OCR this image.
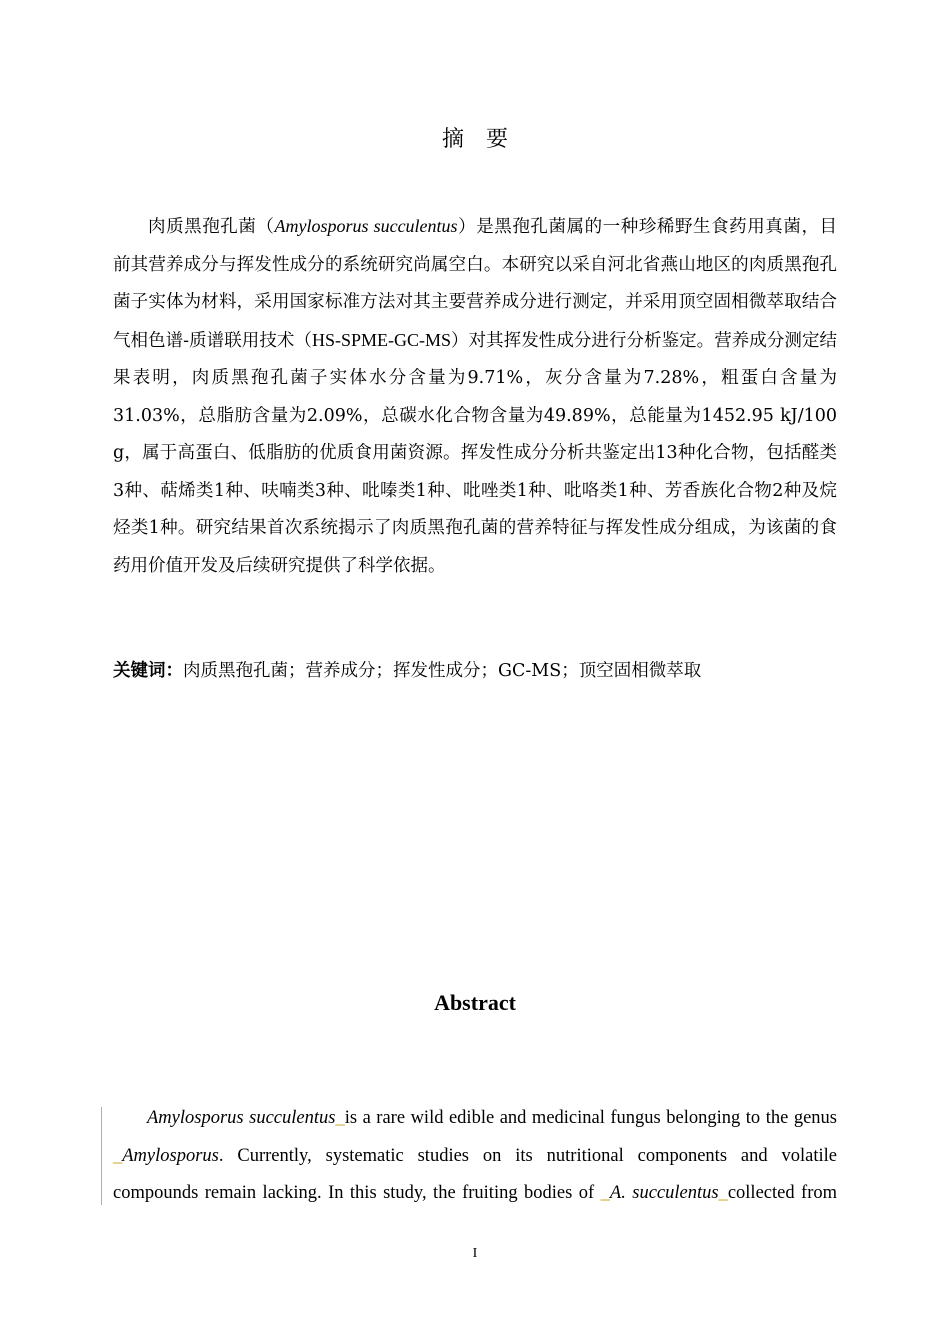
摘 要

肉质黑孢孔菌（Amylosporus succulentus）是黑孢孔菌属的一种珍稀野生食药用真菌，目前其营养成分与挥发性成分的系统研究尚属空白。本研究以采自河北省燕山地区的肉质黑孢孔菌子实体为材料，采用国家标准方法对其主要营养成分进行测定，并采用顶空固相微萃取结合气相色谱-质谱联用技术（HS-SPME-GC-MS）对其挥发性成分进行分析鉴定。营养成分测定结果表明，肉质黑孢孔菌子实体水分含量为9.71%，灰分含量为7.28%，粗蛋白含量为31.03%，总脂肪含量为2.09%，总碳水化合物含量为49.89%，总能量为1452.95 kJ/100 g，属于高蛋白、低脂肪的优质食用菌资源。挥发性成分分析共鉴定出13种化合物，包括醛类3种、萜烯类1种、呋喃类3种、吡嗪类1种、吡唑类1种、吡咯类1种、芳香族化合物2种及烷烃类1种。研究结果首次系统揭示了肉质黑孢孔菌的营养特征与挥发性成分组成，为该菌的食药用价值开发及后续研究提供了科学依据。

关键词：肉质黑孢孔菌；营养成分；挥发性成分；GC-MS；顶空固相微萃取
Abstract

Amylosporus succulentus_is a rare wild edible and medicinal fungus belonging to the genus _Amylosporus. Currently, systematic studies on its nutritional components and volatile compounds remain lacking. In this study, the fruiting bodies of _A. succulentus_collected from

I
